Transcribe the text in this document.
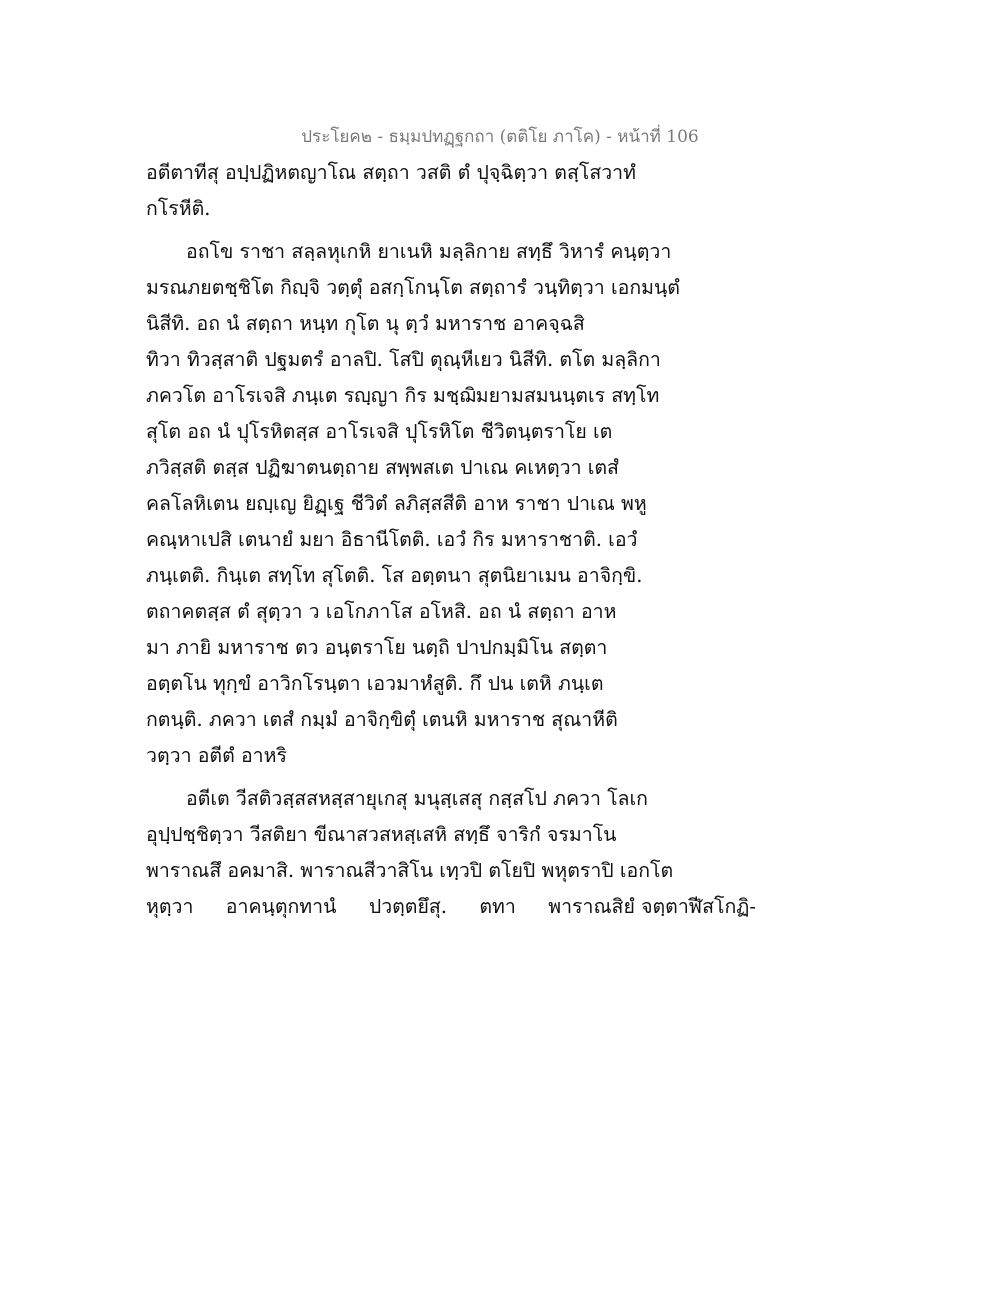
ประโยค๒ - ธมฺมปทฏฺฐกถา (ตติโย ภาโค) - หน้าที่ 106
อตีตาทีสุ อปฺปฏิหตญาโณ สตฺถา วสติ ตํ ปุจฺฉิตฺวา ตสฺโสวาทํ
กโรหีติ.
อถโข ราชา สลฺลหุเกหิ ยาเนหิ มลฺลิกาย สทฺธึ วิหารํ คนฺตฺวา
มรณภยตชฺชิโต กิญฺจิ วตฺตุํ อสกฺโกนฺโต สตฺถารํ วนฺทิตฺวา เอกมนฺตํ
นิสีทิ. อถ นํ สตฺถา หนฺท กุโต นุ ตฺวํ มหาราช อาคจฺฉสิ
ทิวา ทิวสฺสาติ ปฐมตรํ อาลปิ. โสปิ ตุณฺหีเยว นิสีทิ. ตโต มลฺลิกา
ภควโต อาโรเจสิ ภนฺเต รญฺญา กิร มชฺฌิมยามสมนนฺตเร สทฺโท
สุโต อถ นํ ปุโรหิตสฺส อาโรเจสิ ปุโรหิโต ชีวิตนฺตราโย เต
ภวิสฺสติ ตสฺส ปฏิฆาตนตฺถาย สพฺพสเต ปาเณ คเหตฺวา เตสํ
คลโลหิเตน ยญฺเญ ยิฏฺเฐ ชีวิตํ ลภิสฺสสีติ อาห ราชา ปาเณ พหู
คณฺหาเปสิ เตนายํ มยา อิธานีโตติ. เอวํ กิร มหาราชาติ. เอวํ
ภนฺเตติ. กินฺเต สทฺโท สุโตติ. โส อตฺตนา สุตนิยาเมน อาจิกฺขิ.
ตถาคตสฺส ตํ สุตฺวา ว เอโกภาโส อโหสิ. อถ นํ สตฺถา อาห
มา ภายิ มหาราช ตว อนฺตราโย นตฺถิ ปาปกมฺมิโน สตฺตา
อตฺตโน ทุกฺขํ อาวิกโรนฺตา เอวมาหํสูติ. กึ ปน เตหิ ภนฺเต
กตนฺติ. ภควา เตสํ กมฺมํ อาจิกฺขิตุํ เตนหิ มหาราช สุณาหีติ
วตฺวา อตีตํ อาหริ
อตีเต วีสติวสฺสสหสฺสายุเกสุ มนุสฺเสสุ กสฺสโป ภควา โลเก
อุปฺปชฺชิตฺวา วีสติยา ขีณาสวสหสฺเสหิ สทฺธึ จาริกํ จรมาโน
พาราณสึ อคมาสิ. พาราณสีวาสิโน เทฺวปิ ตโยปิ พหุตราปิ เอกโต
หุตฺวา อาคนฺตุกทานํ ปวตฺตยึสุ. ตทา พาราณสิยํ จตฺตาฬีสโกฏิ-
